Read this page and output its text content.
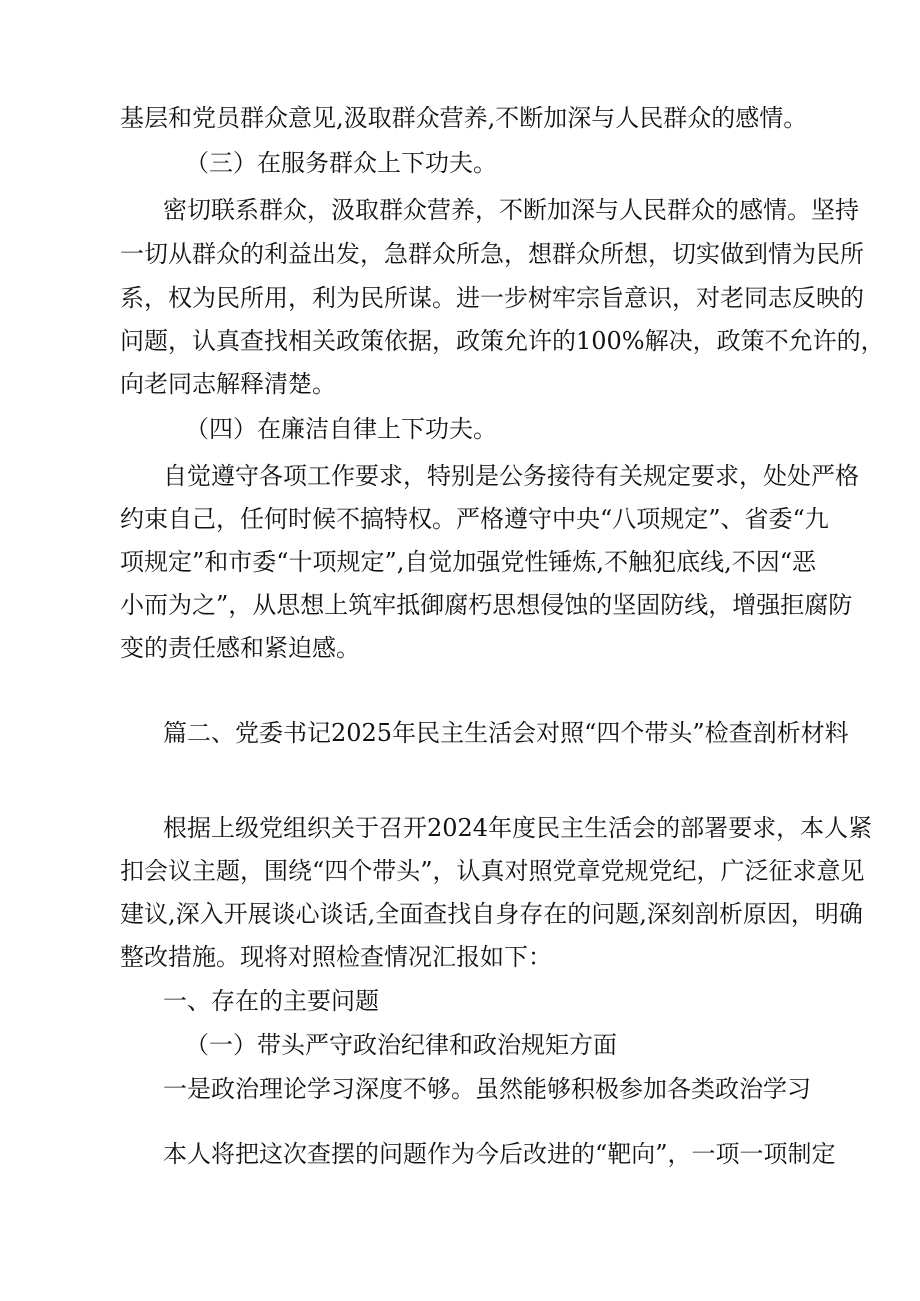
基层和党员群众意见,汲取群众营养,不断加深与人民群众的感情。
（三）在服务群众上下功夫。
密切联系群众，汲取群众营养，不断加深与人民群众的感情。坚持
一切从群众的利益出发，急群众所急，想群众所想，切实做到情为民所
系，权为民所用，利为民所谋。进一步树牢宗旨意识，对老同志反映的
问题，认真查找相关政策依据，政策允许的100%解决，政策不允许的，
向老同志解释清楚。
（四）在廉洁自律上下功夫。
自觉遵守各项工作要求，特别是公务接待有关规定要求，处处严格
约束自己，任何时候不搞特权。严格遵守中央“八项规定”、省委“九
项规定”和市委“十项规定”,自觉加强党性锤炼,不触犯底线,不因“恶
小而为之”，从思想上筑牢抵御腐朽思想侵蚀的坚固防线，增强拒腐防
变的责任感和紧迫感。
篇二、党委书记2025年民主生活会对照“四个带头”检查剖析材料
根据上级党组织关于召开2024年度民主生活会的部署要求，本人紧
扣会议主题，围绕“四个带头”，认真对照党章党规党纪，广泛征求意见
建议,深入开展谈心谈话,全面查找自身存在的问题,深刻剖析原因，明确
整改措施。现将对照检查情况汇报如下：
一、存在的主要问题
（一）带头严守政治纪律和政治规矩方面
一是政治理论学习深度不够。虽然能够积极参加各类政治学习
本人将把这次查摆的问题作为今后改进的“靶向”，一项一项制定
